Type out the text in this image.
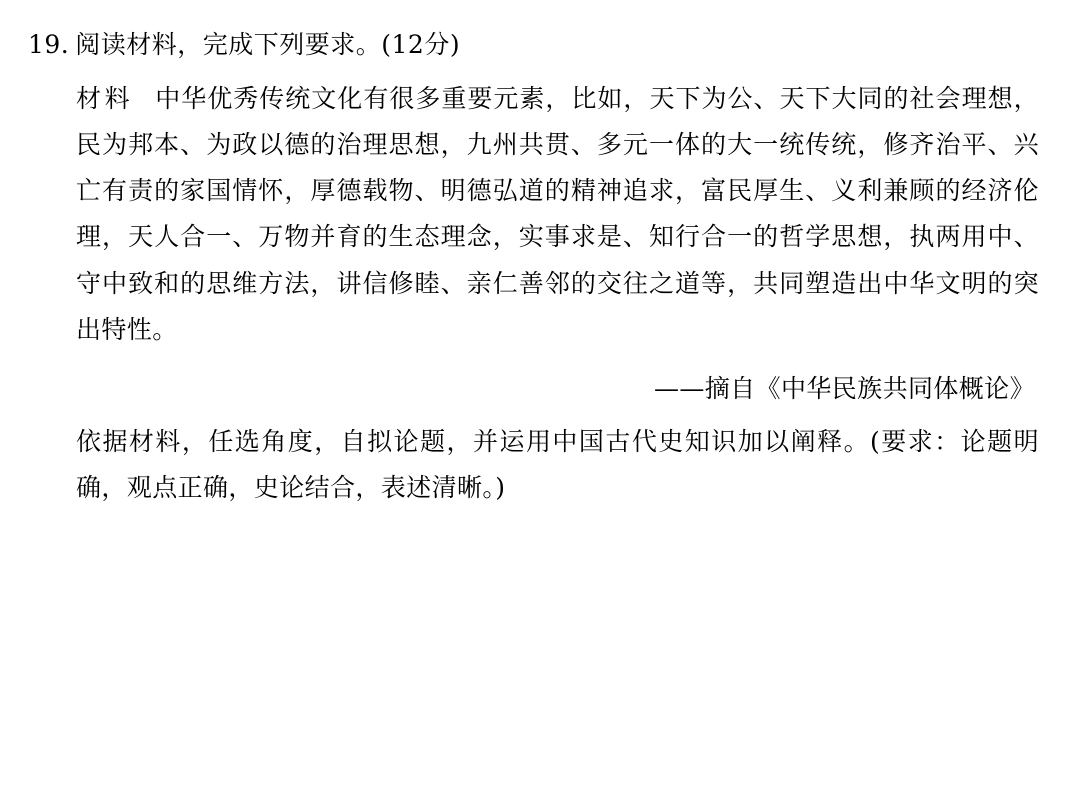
19. 阅读材料，完成下列要求。(12分)
材料 中华优秀传统文化有很多重要元素，比如，天下为公、天下大同的社会理想，民为邦本、为政以德的治理思想，九州共贯、多元一体的大一统传统，修齐治平、兴亡有责的家国情怀，厚德载物、明德弘道的精神追求，富民厚生、义利兼顾的经济伦理，天人合一、万物并育的生态理念，实事求是、知行合一的哲学思想，执两用中、守中致和的思维方法，讲信修睦、亲仁善邻的交往之道等，共同塑造出中华文明的突出特性。
——摘自《中华民族共同体概论》
依据材料，任选角度，自拟论题，并运用中国古代史知识加以阐释。(要求：论题明确，观点正确，史论结合，表述清晰。)
